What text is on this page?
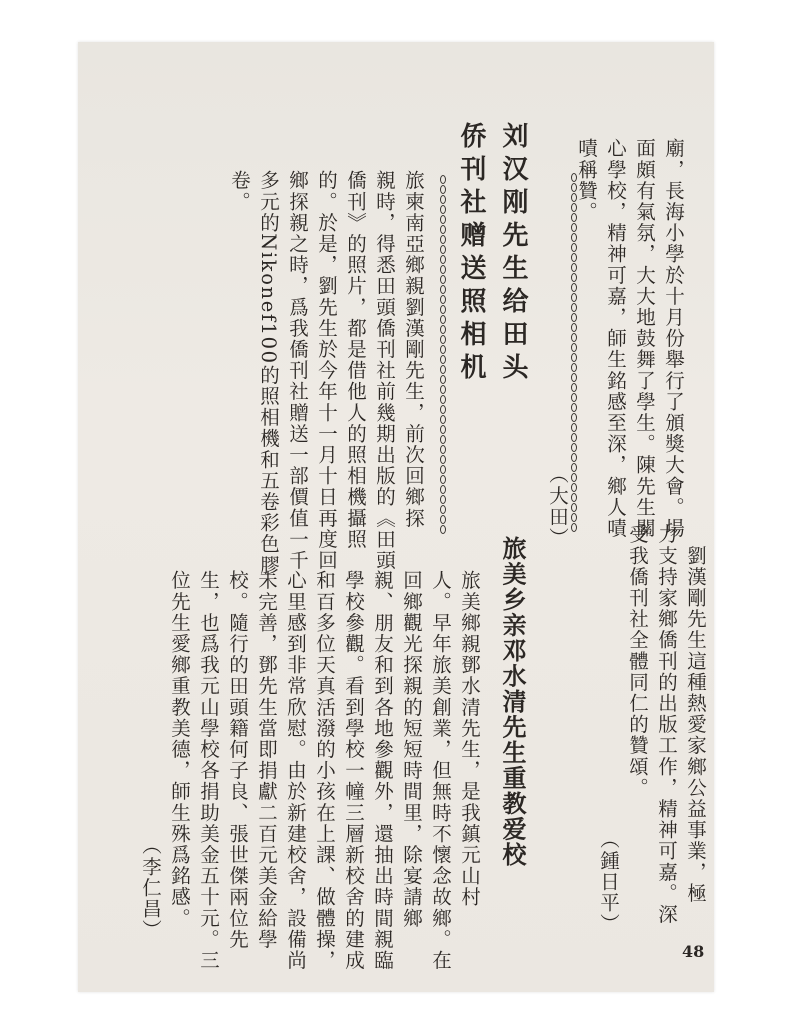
廟，長海小學於十月份舉行了頒獎大會。場
面頗有氣氛，大大地鼓舞了學生。陳先生關
心學校，精神可嘉，師生銘感至深，鄉人嘖
嘖稱贊。
（大田）
刘汉刚先生给田头
侨刊社赠送照相机
旅柬南亞鄉親劉漢剛先生，前次回鄉探
親時，得悉田頭僑刊社前幾期出版的《田頭
僑刊》的照片，都是借他人的照相機攝照
的。於是，劉先生於今年十一月十日再度回
鄉探親之時，爲我僑刊社贈送一部價值一千
多元的Nikonef100的照相機和五卷彩色膠
卷。
　劉漢剛先生這種熱愛家鄉公益事業，極
力支持家鄉僑刊的出版工作，精神可嘉。深
受我僑刊社全體同仁的贊頌。
（鍾日平）
旅美乡亲邓水清先生重教爱校
旅美鄉親鄧水清先生，是我鎮元山村
人。早年旅美創業，但無時不懷念故鄉。在
回鄉觀光探親的短短時間里，除宴請鄉
親、朋友和到各地參觀外，還抽出時間親臨
學校參觀。看到學校一幢三層新校舍的建成
和百多位天真活潑的小孩在上課、做體操，
心里感到非常欣慰。由於新建校舍，設備尚
未完善，鄧先生當即捐獻二百元美金給學
校。隨行的田頭籍何子良、張世傑兩位先
生，也爲我元山學校各捐助美金五十元。三
位先生愛鄉重教美德，師生殊爲銘感。
（李仁昌）
48
